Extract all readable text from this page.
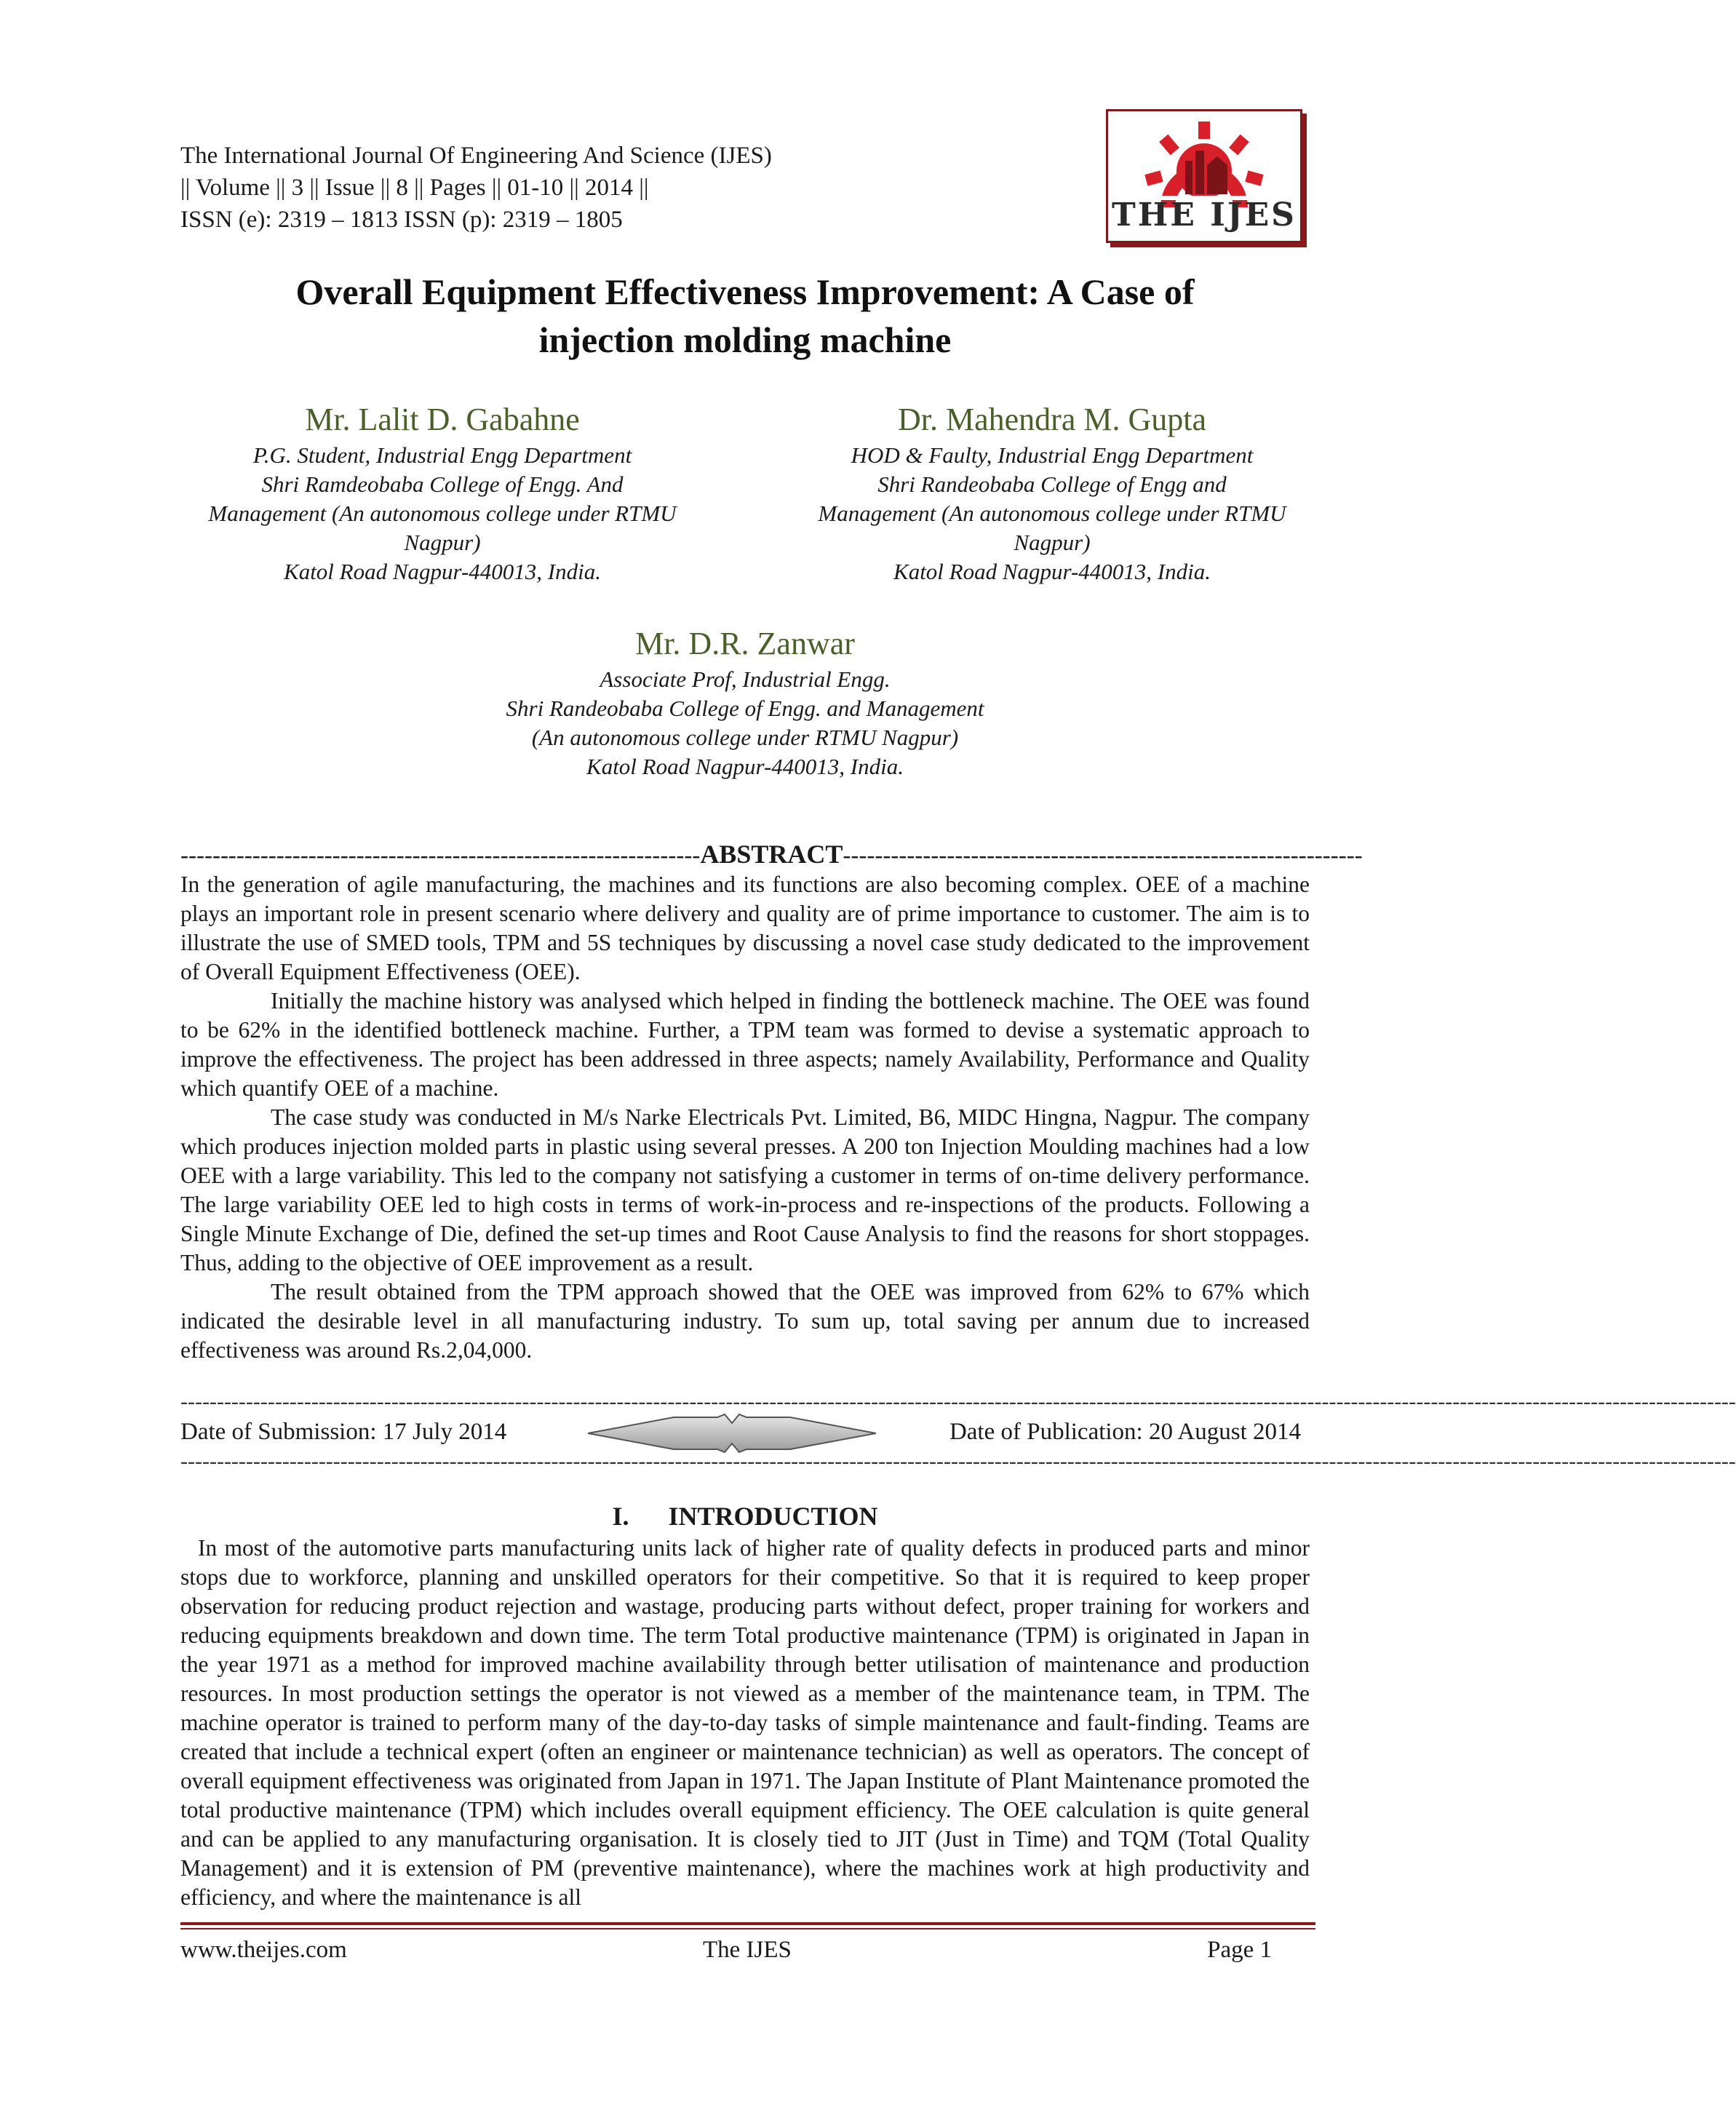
The International Journal Of Engineering And Science (IJES)
|| Volume || 3 || Issue || 8 || Pages || 01-10 || 2014 ||
ISSN (e): 2319 – 1813 ISSN (p): 2319 – 1805	THE IJES
Overall Equipment Effectiveness Improvement: A Case of
injection molding machine
Mr. Lalit D. Gabahne
P.G. Student, Industrial Engg Department
Shri Ramdeobaba College of Engg. And
Management (An autonomous college under RTMU
Nagpur)
Katol Road Nagpur-440013, India.
Dr. Mahendra M. Gupta
HOD & Faulty, Industrial Engg Department
Shri Randeobaba College of Engg and
Management (An autonomous college under RTMU
Nagpur)
Katol Road Nagpur-440013, India.
Mr. D.R. Zanwar
Associate Prof, Industrial Engg.
Shri Randeobaba College of Engg. and Management
(An autonomous college under RTMU Nagpur)
Katol Road Nagpur-440013, India.
-----------------------------------------------------------------ABSTRACT-----------------------------------------------------------------

In the generation of agile manufacturing, the machines and its functions are also becoming complex. OEE of a machine plays an important role in present scenario where delivery and quality are of prime importance to customer. The aim is to illustrate the use of SMED tools, TPM and 5S techniques by discussing a novel case study dedicated to the improvement of Overall Equipment Effectiveness (OEE).

Initially the machine history was analysed which helped in finding the bottleneck machine. The OEE was found to be 62% in the identified bottleneck machine. Further, a TPM team was formed to devise a systematic approach to improve the effectiveness. The project has been addressed in three aspects; namely Availability, Performance and Quality which quantify OEE of a machine.

The case study was conducted in M/s Narke Electricals Pvt. Limited, B6, MIDC Hingna, Nagpur. The company which produces injection molded parts in plastic using several presses. A 200 ton Injection Moulding machines had a low OEE with a large variability. This led to the company not satisfying a customer in terms of on-time delivery performance. The large variability OEE led to high costs in terms of work-in-process and re-inspections of the products. Following a Single Minute Exchange of Die, defined the set-up times and Root Cause Analysis to find the reasons for short stoppages. Thus, adding to the objective of OEE improvement as a result.

The result obtained from the TPM approach showed that the OEE was improved from 62% to 67% which indicated the desirable level in all manufacturing industry. To sum up, total saving per annum due to increased effectiveness was around Rs.2,04,000.

----------------------------------------------------------------------------------------------------------------------------------------------------------------------------------------------------------------------
Date of Submission: 17 July 2014	Date of Publication: 20 August 2014
----------------------------------------------------------------------------------------------------------------------------------------------------------------------------------------------------------------------
I.      INTRODUCTION

In most of the automotive parts manufacturing units lack of higher rate of quality defects in produced parts and minor stops due to workforce, planning and unskilled operators for their competitive. So that it is required to keep proper observation for reducing product rejection and wastage, producing parts without defect, proper training for workers and reducing equipments breakdown and down time. The term Total productive maintenance (TPM) is originated in Japan in the year 1971 as a method for improved machine availability through better utilisation of maintenance and production resources. In most production settings the operator is not viewed as a member of the maintenance team, in TPM. The machine operator is trained to perform many of the day-to-day tasks of simple maintenance and fault-finding. Teams are created that include a technical expert (often an engineer or maintenance technician) as well as operators. The concept of overall equipment effectiveness was originated from Japan in 1971. The Japan Institute of Plant Maintenance promoted the total productive maintenance (TPM) which includes overall equipment efficiency. The OEE calculation is quite general and can be applied to any manufacturing organisation. It is closely tied to JIT (Just in Time) and TQM (Total Quality Management) and it is extension of PM (preventive maintenance), where the machines work at high productivity and efficiency, and where the maintenance is all

www.theijes.com	The IJES	Page 1
